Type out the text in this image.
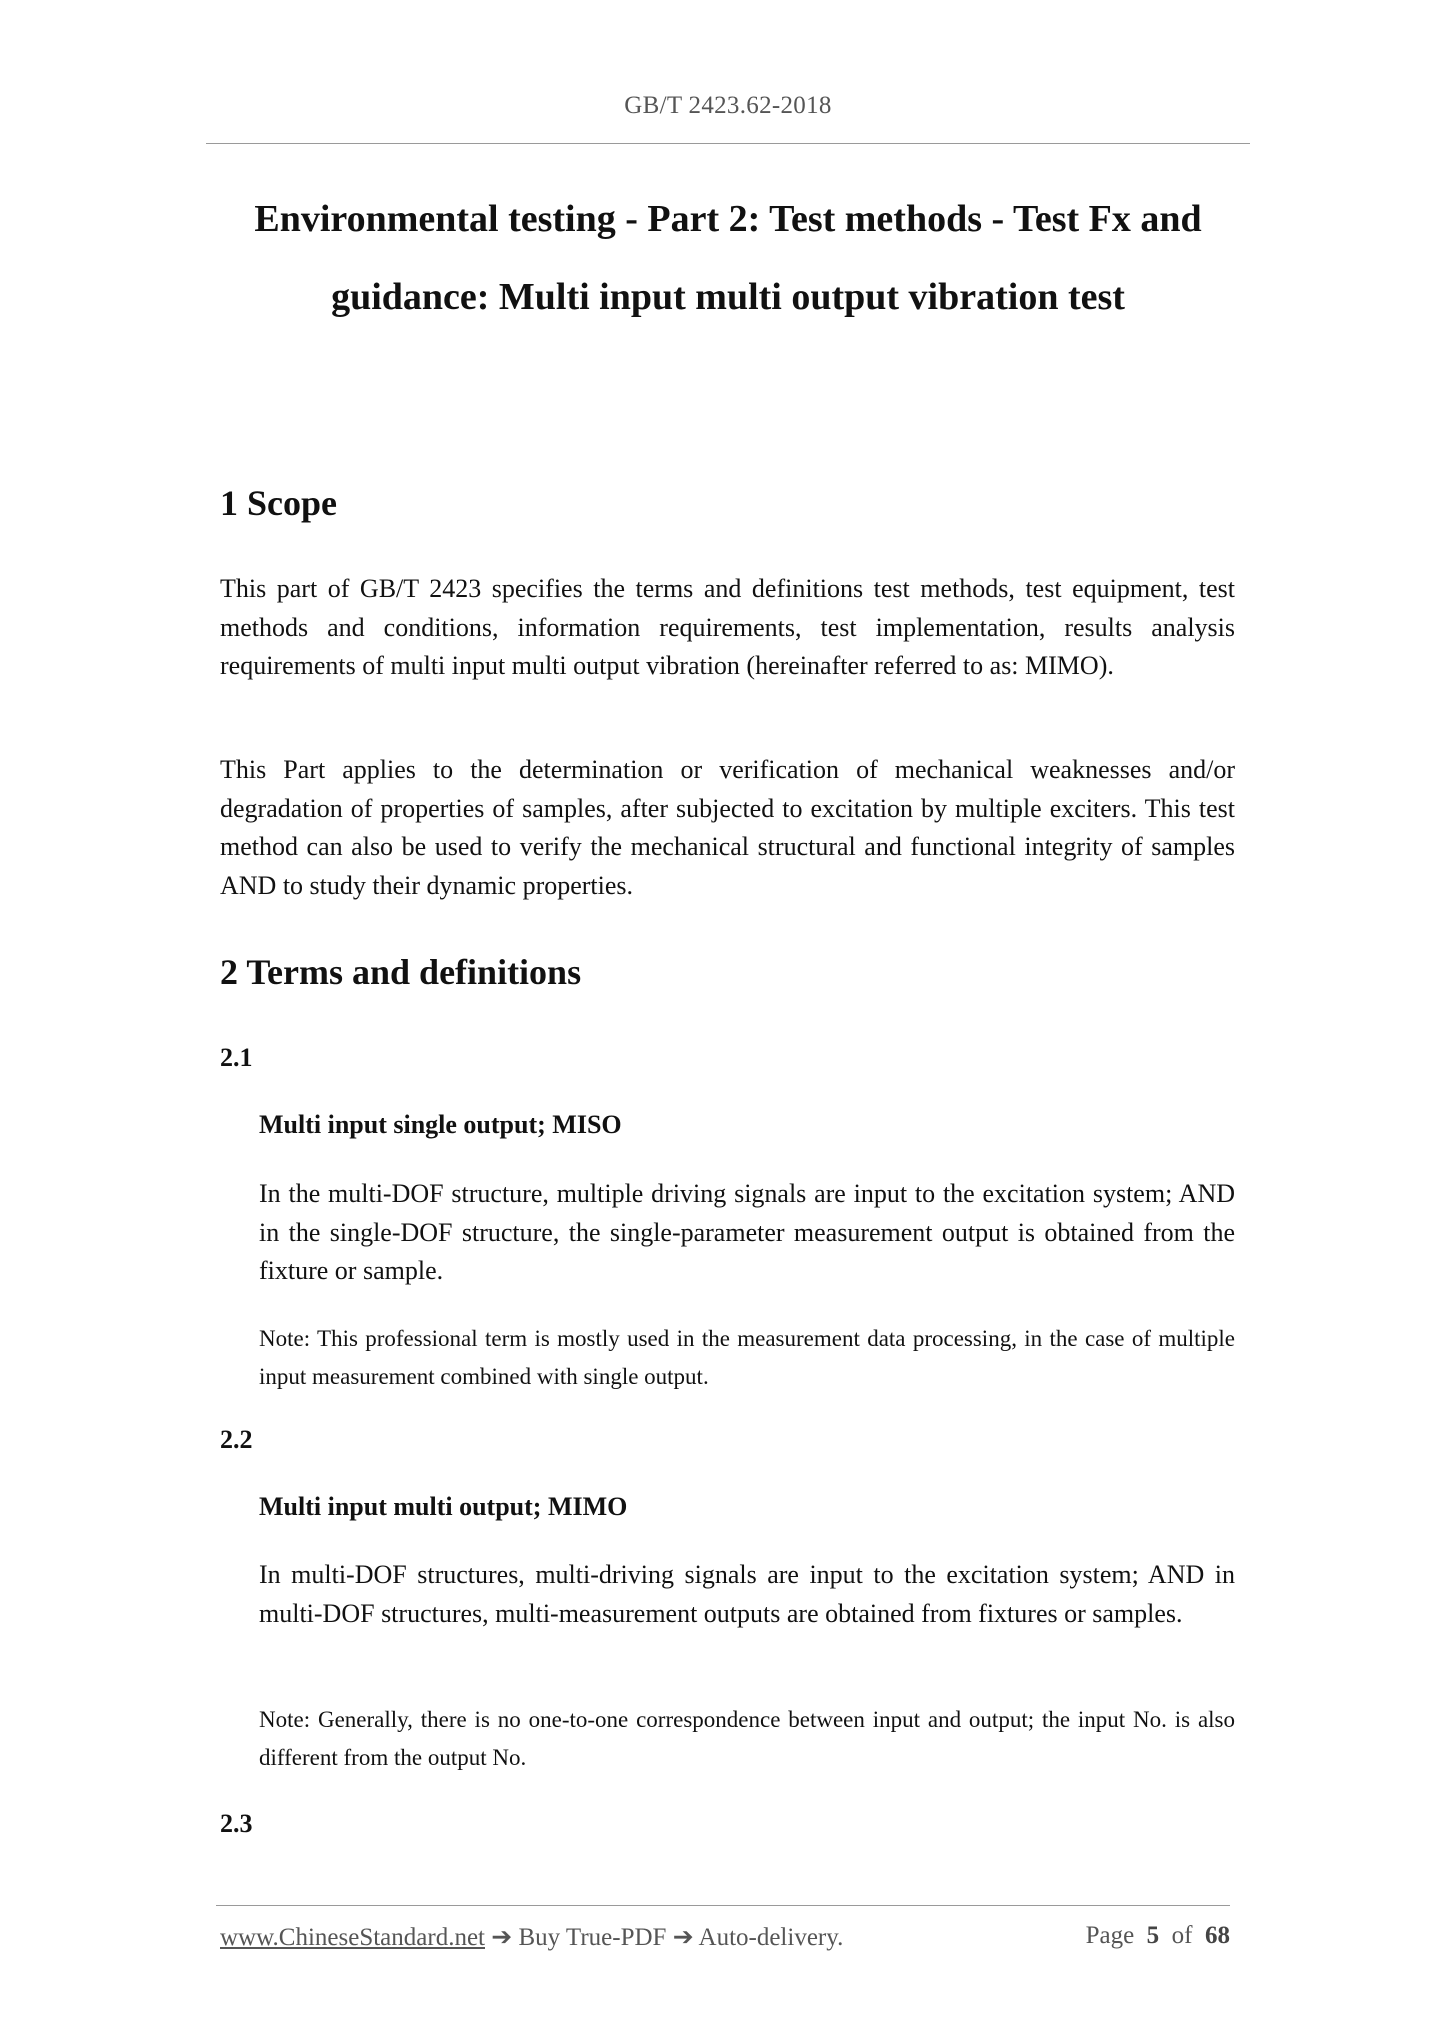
GB/T 2423.62-2018
Environmental testing - Part 2: Test methods - Test Fx and
guidance: Multi input multi output vibration test
1 Scope

This part of GB/T 2423 specifies the terms and definitions test methods, test equipment, test methods and conditions, information requirements, test implementation, results analysis requirements of multi input multi output vibration (hereinafter referred to as: MIMO).

This Part applies to the determination or verification of mechanical weaknesses and/or degradation of properties of samples, after subjected to excitation by multiple exciters. This test method can also be used to verify the mechanical structural and functional integrity of samples AND to study their dynamic properties.

2 Terms and definitions
2.1
Multi input single output; MISO

In the multi-DOF structure, multiple driving signals are input to the excitation system; AND in the single-DOF structure, the single-parameter measurement output is obtained from the fixture or sample.

Note: This professional term is mostly used in the measurement data processing, in the case of multiple input measurement combined with single output.

2.2
Multi input multi output; MIMO

In multi-DOF structures, multi-driving signals are input to the excitation system; AND in multi-DOF structures, multi-measurement outputs are obtained from fixtures or samples.

Note: Generally, there is no one-to-one correspondence between input and output; the input No. is also different from the output No.

2.3
www.ChineseStandard.net ➔ Buy True-PDF ➔ Auto-delivery.	Page 5 of 68
